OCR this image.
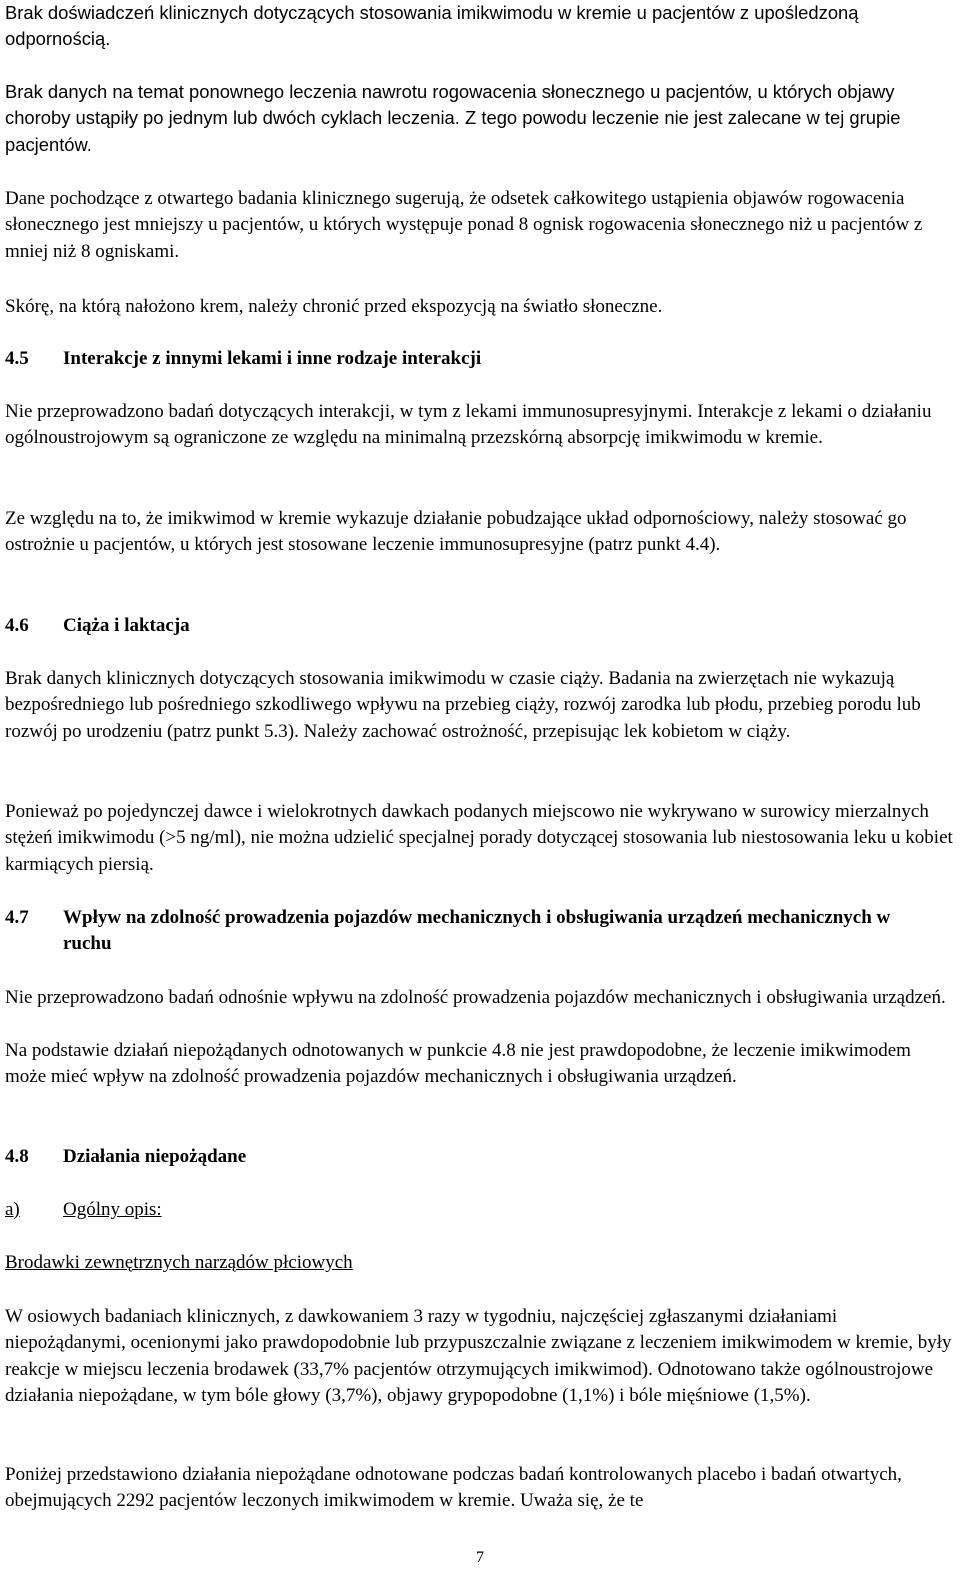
Brak doświadczeń klinicznych dotyczących stosowania imikwimodu w kremie u pacjentów z upośledzoną odpornością.

Brak danych na temat ponownego leczenia nawrotu rogowacenia słonecznego u pacjentów, u których objawy choroby ustąpiły po jednym lub dwóch cyklach leczenia. Z tego powodu leczenie nie jest zalecane w tej grupie pacjentów.

Dane pochodzące z otwartego badania klinicznego sugerują, że odsetek całkowitego ustąpienia objawów rogowacenia słonecznego jest mniejszy u pacjentów, u których występuje ponad 8 ognisk rogowacenia słonecznego niż u pacjentów z mniej niż 8 ogniskami.

Skórę, na którą nałożono krem, należy chronić przed ekspozycją na światło słoneczne.

4.5 Interakcje z innymi lekami i inne rodzaje interakcji

Nie przeprowadzono badań dotyczących interakcji, w tym z lekami immunosupresyjnymi. Interakcje z lekami o działaniu ogólnoustrojowym są ograniczone ze względu na minimalną przezskórną absorpcję imikwimodu w kremie.

Ze względu na to, że imikwimod w kremie wykazuje działanie pobudzające układ odpornościowy, należy stosować go ostrożnie u pacjentów, u których jest stosowane leczenie immunosupresyjne (patrz punkt 4.4).

4.6 Ciąża i laktacja

Brak danych klinicznych dotyczących stosowania imikwimodu w czasie ciąży. Badania na zwierzętach nie wykazują bezpośredniego lub pośredniego szkodliwego wpływu na przebieg ciąży, rozwój zarodka lub płodu, przebieg porodu lub rozwój po urodzeniu (patrz punkt 5.3). Należy zachować ostrożność, przepisując lek kobietom w ciąży.

Ponieważ po pojedynczej dawce i wielokrotnych dawkach podanych miejscowo nie wykrywano w surowicy mierzalnych stężeń imikwimodu (>5 ng/ml), nie można udzielić specjalnej porady dotyczącej stosowania lub niestosowania leku u kobiet karmiących piersią.

4.7 Wpływ na zdolność prowadzenia pojazdów mechanicznych i obsługiwania urządzeń mechanicznych w ruchu

Nie przeprowadzono badań odnośnie wpływu na zdolność prowadzenia pojazdów mechanicznych i obsługiwania urządzeń.

Na podstawie działań niepożądanych odnotowanych w punkcie 4.8 nie jest prawdopodobne, że leczenie imikwimodem może mieć wpływ na zdolność prowadzenia pojazdów mechanicznych i obsługiwania urządzeń.

4.8 Działania niepożądane
a) Ogólny opis:
Brodawki zewnętrznych narządów płciowych

W osiowych badaniach klinicznych, z dawkowaniem 3 razy w tygodniu, najczęściej zgłaszanymi działaniami niepożądanymi, ocenionymi jako prawdopodobnie lub przypuszczalnie związane z leczeniem imikwimodem w kremie, były reakcje w miejscu leczenia brodawek (33,7% pacjentów otrzymujących imikwimod). Odnotowano także ogólnoustrojowe działania niepożądane, w tym bóle głowy (3,7%), objawy grypopodobne (1,1%) i bóle mięśniowe (1,5%).

Poniżej przedstawiono działania niepożądane odnotowane podczas badań kontrolowanych placebo i badań otwartych, obejmujących 2292 pacjentów leczonych imikwimodem w kremie. Uważa się, że te

7
